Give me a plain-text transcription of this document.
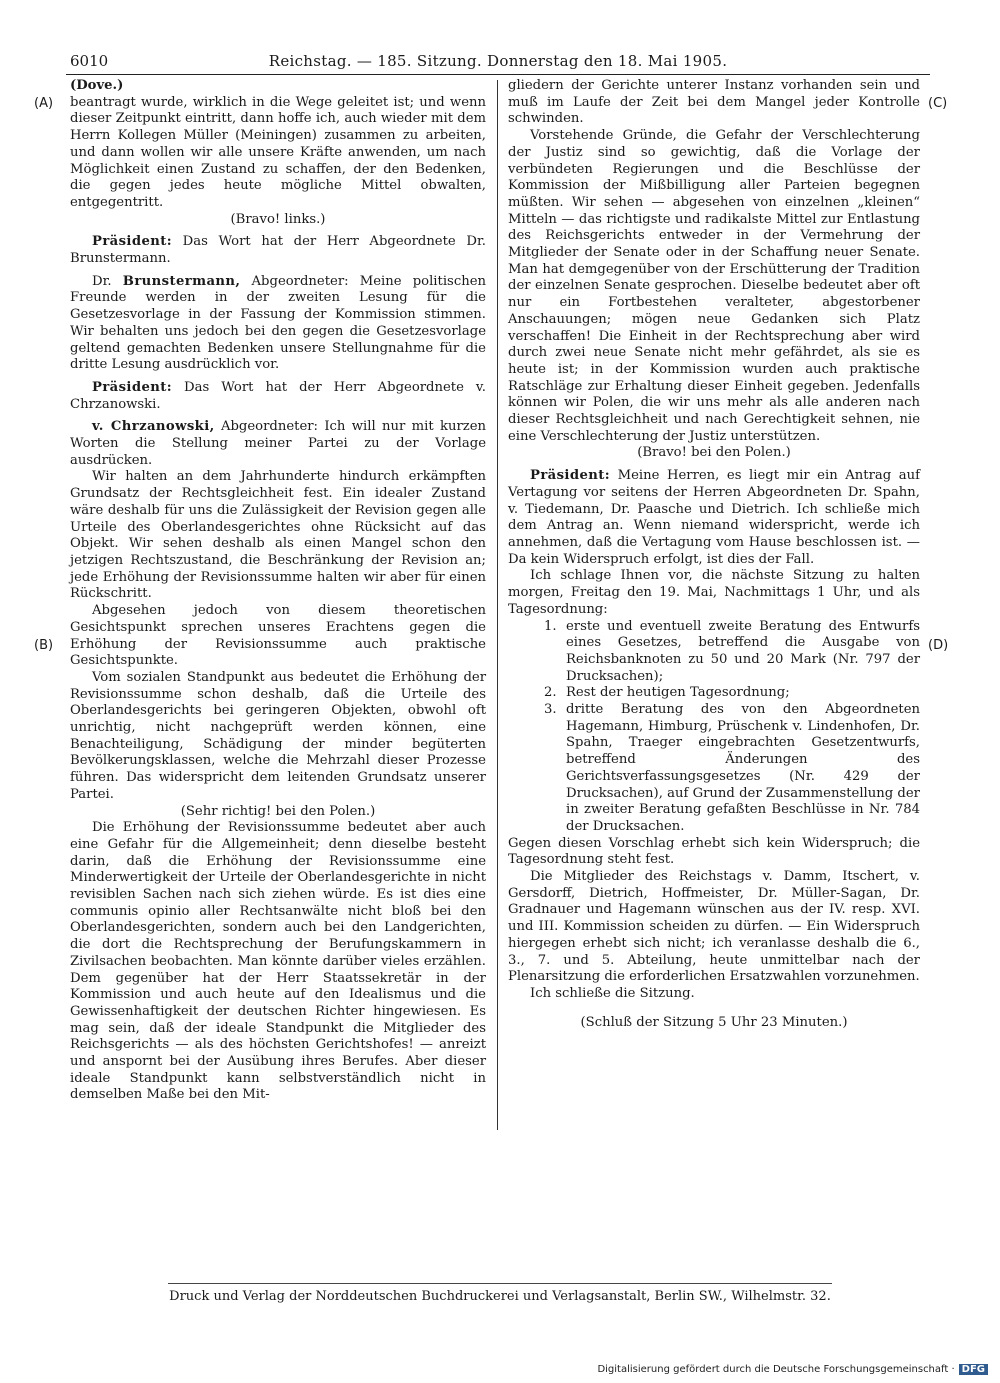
6010	Reichstag. — 185. Sitzung. Donnerstag den 18. Mai 1905.
(A)
(B)
(C)
(D)

(Dove.)

beantragt wurde, wirklich in die Wege geleitet ist; und wenn dieser Zeitpunkt eintritt, dann hoffe ich, auch wieder mit dem Herrn Kollegen Müller (Meiningen) zusammen zu arbeiten, und dann wollen wir alle unsere Kräfte anwenden, um nach Möglichkeit einen Zustand zu schaffen, der den Bedenken, die gegen jedes heute mögliche Mittel obwalten, entgegentritt.

(Bravo! links.)

Präsident: Das Wort hat der Herr Abgeordnete Dr. Brunstermann.

Dr. Brunstermann, Abgeordneter: Meine politischen Freunde werden in der zweiten Lesung für die Gesetzesvorlage in der Fassung der Kommission stimmen. Wir behalten uns jedoch bei den gegen die Gesetzesvorlage geltend gemachten Bedenken unsere Stellungnahme für die dritte Lesung ausdrücklich vor.

Präsident: Das Wort hat der Herr Abgeordnete v. Chrzanowski.

v. Chrzanowski, Abgeordneter: Ich will nur mit kurzen Worten die Stellung meiner Partei zu der Vorlage ausdrücken.

Wir halten an dem Jahrhunderte hindurch erkämpften Grundsatz der Rechtsgleichheit fest. Ein idealer Zustand wäre deshalb für uns die Zulässigkeit der Revision gegen alle Urteile des Oberlandesgerichtes ohne Rücksicht auf das Objekt. Wir sehen deshalb als einen Mangel schon den jetzigen Rechtszustand, die Beschränkung der Revision an; jede Erhöhung der Revisionssumme halten wir aber für einen Rückschritt.

Abgesehen jedoch von diesem theoretischen Gesichtspunkt sprechen unseres Erachtens gegen die Erhöhung der Revisionssumme auch praktische Gesichtspunkte.

Vom sozialen Standpunkt aus bedeutet die Erhöhung der Revisionssumme schon deshalb, daß die Urteile des Oberlandesgerichts bei geringeren Objekten, obwohl oft unrichtig, nicht nachgeprüft werden können, eine Benachteiligung, Schädigung der minder begüterten Bevölkerungsklassen, welche die Mehrzahl dieser Prozesse führen. Das widerspricht dem leitenden Grundsatz unserer Partei.

(Sehr richtig! bei den Polen.)

Die Erhöhung der Revisionssumme bedeutet aber auch eine Gefahr für die Allgemeinheit; denn dieselbe besteht darin, daß die Erhöhung der Revisionssumme eine Minderwertigkeit der Urteile der Oberlandesgerichte in nicht revisiblen Sachen nach sich ziehen würde. Es ist dies eine communis opinio aller Rechtsanwälte nicht bloß bei den Oberlandesgerichten, sondern auch bei den Landgerichten, die dort die Rechtsprechung der Berufungskammern in Zivilsachen beobachten. Man könnte darüber vieles erzählen. Dem gegenüber hat der Herr Staatssekretär in der Kommission und auch heute auf den Idealismus und die Gewissenhaftigkeit der deutschen Richter hingewiesen. Es mag sein, daß der ideale Standpunkt die Mitglieder des Reichsgerichts — als des höchsten Gerichtshofes! — anreizt und anspornt bei der Ausübung ihres Berufes. Aber dieser ideale Standpunkt kann selbstverständlich nicht in demselben Maße bei den Mit-

gliedern der Gerichte unterer Instanz vorhanden sein und muß im Laufe der Zeit bei dem Mangel jeder Kontrolle schwinden.

Vorstehende Gründe, die Gefahr der Verschlechterung der Justiz sind so gewichtig, daß die Vorlage der verbündeten Regierungen und die Beschlüsse der Kommission der Mißbilligung aller Parteien begegnen müßten. Wir sehen — abgesehen von einzelnen „kleinen“ Mitteln — das richtigste und radikalste Mittel zur Entlastung des Reichsgerichts entweder in der Vermehrung der Mitglieder der Senate oder in der Schaffung neuer Senate. Man hat demgegenüber von der Erschütterung der Tradition der einzelnen Senate gesprochen. Dieselbe bedeutet aber oft nur ein Fortbestehen veralteter, abgestorbener Anschauungen; mögen neue Gedanken sich Platz verschaffen! Die Einheit in der Rechtsprechung aber wird durch zwei neue Senate nicht mehr gefährdet, als sie es heute ist; in der Kommission wurden auch praktische Ratschläge zur Erhaltung dieser Einheit gegeben. Jedenfalls können wir Polen, die wir uns mehr als alle anderen nach dieser Rechtsgleichheit und nach Gerechtigkeit sehnen, nie eine Verschlechterung der Justiz unterstützen.

(Bravo! bei den Polen.)

Präsident: Meine Herren, es liegt mir ein Antrag auf Vertagung vor seitens der Herren Abgeordneten Dr. Spahn, v. Tiedemann, Dr. Paasche und Dietrich. Ich schließe mich dem Antrag an. Wenn niemand widerspricht, werde ich annehmen, daß die Vertagung vom Hause beschlossen ist. — Da kein Widerspruch erfolgt, ist dies der Fall.

Ich schlage Ihnen vor, die nächste Sitzung zu halten morgen, Freitag den 19. Mai, Nachmittags 1 Uhr, und als Tagesordnung:

1. erste und eventuell zweite Beratung des Entwurfs eines Gesetzes, betreffend die Ausgabe von Reichsbanknoten zu 50 und 20 Mark (Nr. 797 der Drucksachen);
2. Rest der heutigen Tagesordnung;
3. dritte Beratung des von den Abgeordneten Hagemann, Himburg, Prüschenk v. Lindenhofen, Dr. Spahn, Traeger eingebrachten Gesetzentwurfs, betreffend Änderungen des Gerichtsverfassungsgesetzes (Nr. 429 der Drucksachen), auf Grund der Zusammenstellung der in zweiter Beratung gefaßten Beschlüsse in Nr. 784 der Drucksachen.

Gegen diesen Vorschlag erhebt sich kein Widerspruch; die Tagesordnung steht fest.

Die Mitglieder des Reichstags v. Damm, Itschert, v. Gersdorff, Dietrich, Hoffmeister, Dr. Müller-Sagan, Dr. Gradnauer und Hagemann wünschen aus der IV. resp. XVI. und III. Kommission scheiden zu dürfen. — Ein Widerspruch hiergegen erhebt sich nicht; ich veranlasse deshalb die 6., 3., 7. und 5. Abteilung, heute unmittelbar nach der Plenarsitzung die erforderlichen Ersatzwahlen vorzunehmen.

Ich schließe die Sitzung.

(Schluß der Sitzung 5 Uhr 23 Minuten.)

Druck und Verlag der Norddeutschen Buchdruckerei und Verlagsanstalt, Berlin SW., Wilhelmstr. 32.
Digitalisierung gefördert durch die Deutsche Forschungsgemeinschaft · DFG
